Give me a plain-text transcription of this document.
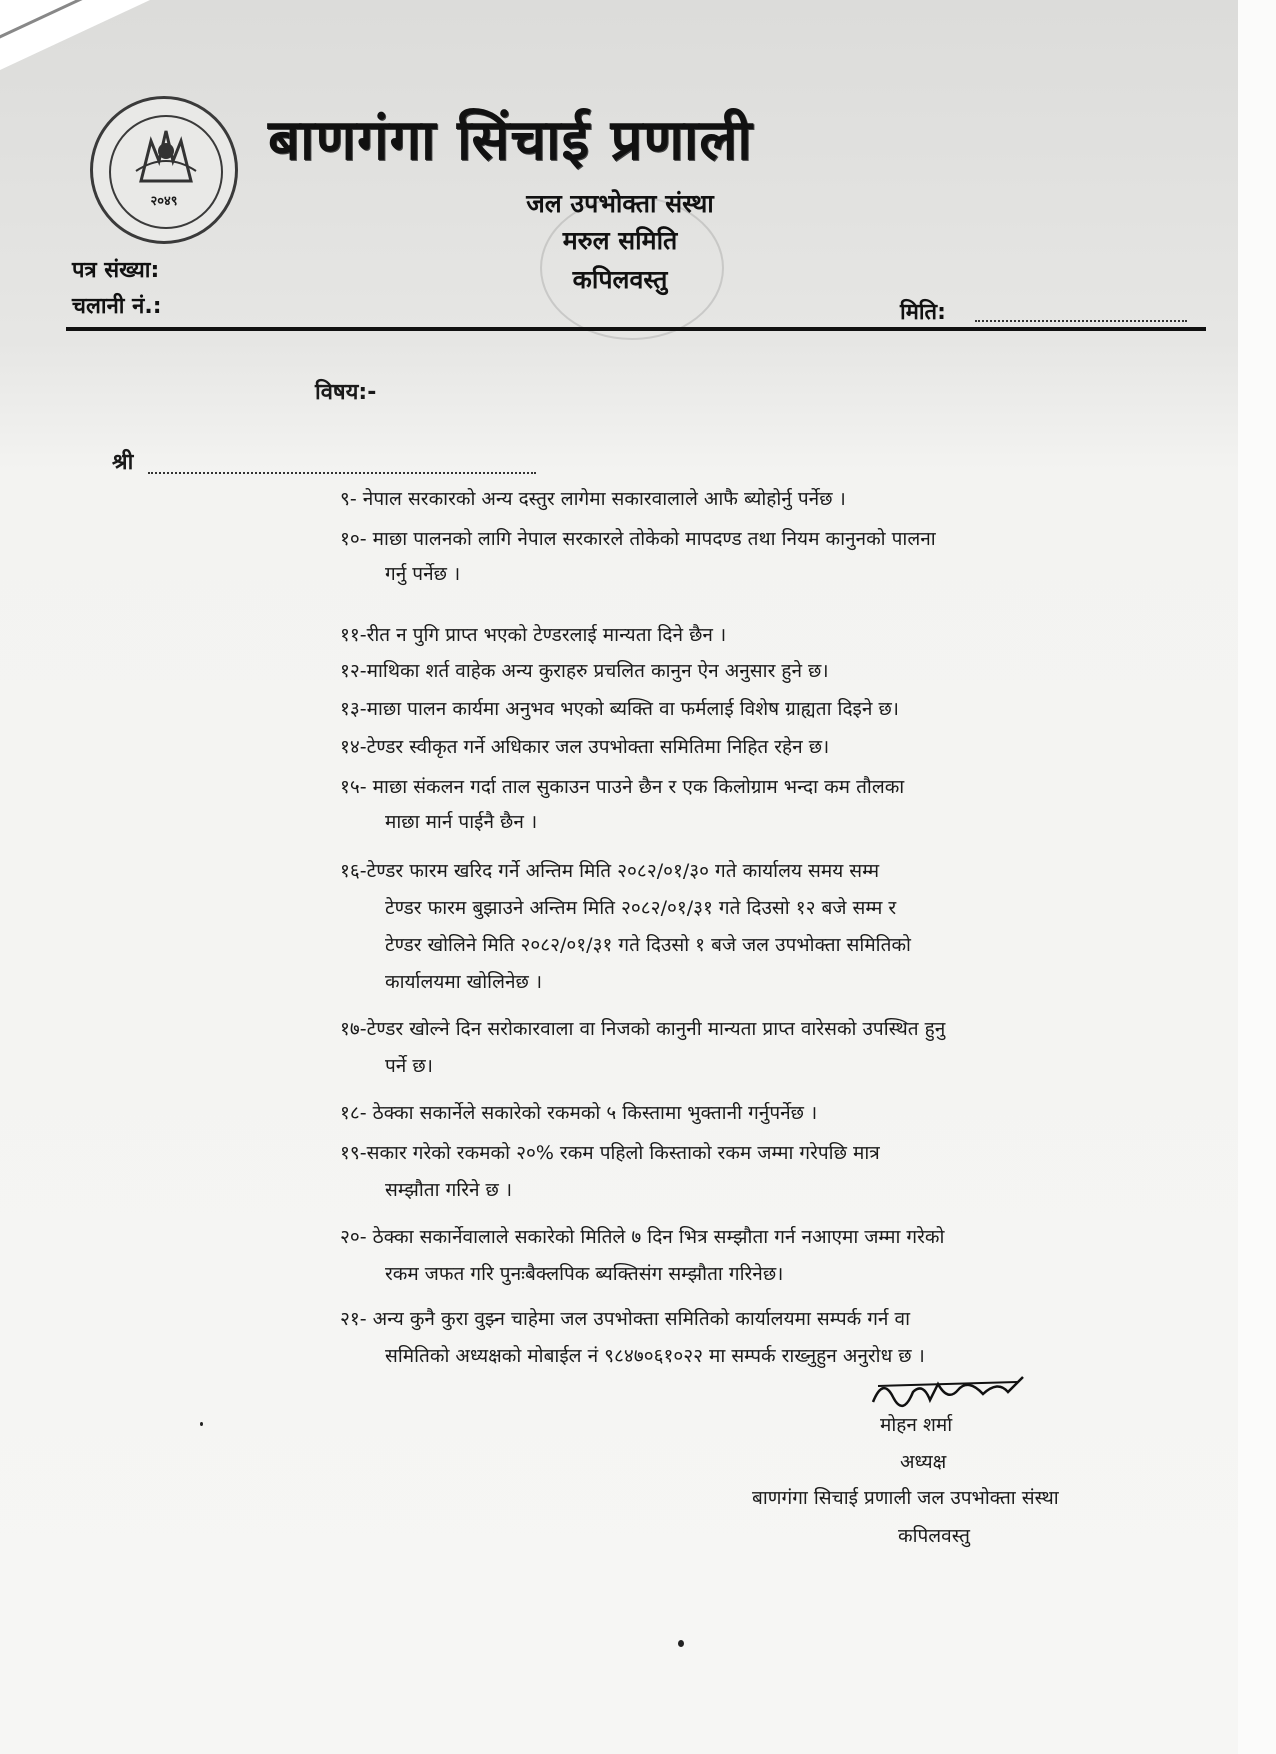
२०४९
बाणगंगा सिंचाई प्रणाली
जल उपभोक्ता संस्था
मरुल समिति
कपिलवस्तु
पत्र संख्या:
चलानी नं.:	मिति:
विषय:-
श्री

९- नेपाल सरकारको अन्य दस्तुर लागेमा सकारवालाले आफै ब्योहोर्नु पर्नेछ ।

१०- माछा पालनको लागि नेपाल सरकारले तोकेको मापदण्ड तथा नियम कानुनको पालना

गर्नु पर्नेछ ।

११-रीत न पुगि प्राप्त भएको टेण्डरलाई मान्यता दिने छैन ।

१२-माथिका शर्त वाहेक अन्य कुराहरु प्रचलित कानुन ऐन अनुसार हुने छ।

१३-माछा पालन कार्यमा अनुभव भएको ब्यक्ति वा फर्मलाई विशेष ग्राह्यता दिइने छ।

१४-टेण्डर स्वीकृत गर्ने अधिकार जल उपभोक्ता समितिमा निहित रहेन छ।

१५- माछा संकलन गर्दा ताल सुकाउन पाउने छैन र एक किलोग्राम भन्दा कम तौलका

माछा मार्न पाईनै छैन ।

१६-टेण्डर फारम खरिद गर्ने अन्तिम मिति २०८२/०१/३० गते कार्यालय समय सम्म

टेण्डर फारम बुझाउने अन्तिम मिति २०८२/०१/३१ गते दिउसो १२ बजे सम्म र

टेण्डर खोलिने मिति २०८२/०१/३१ गते दिउसो १ बजे जल उपभोक्ता समितिको

कार्यालयमा खोलिनेछ ।

१७-टेण्डर खोल्ने दिन सरोकारवाला वा निजको कानुनी मान्यता प्राप्त वारेसको उपस्थित हुनु

पर्ने छ।

१८- ठेक्का सकार्नेले सकारेको रकमको ५ किस्तामा भुक्तानी गर्नुपर्नेछ ।

१९-सकार गरेको रकमको २०% रकम पहिलो किस्ताको रकम जम्मा गरेपछि मात्र

सम्झौता गरिने छ ।

२०- ठेक्का सकार्नेवालाले सकारेको मितिले ७ दिन भित्र सम्झौता गर्न नआएमा जम्मा गरेको

रकम जफत गरि पुनःबैक्लपिक ब्यक्तिसंग सम्झौता गरिनेछ।

२१- अन्य कुनै कुरा वुझ्न चाहेमा जल उपभोक्ता समितिको कार्यालयमा सम्पर्क गर्न वा

समितिको अध्यक्षको मोबाईल नं ९८४७०६१०२२ मा सम्पर्क राख्नुहुन अनुरोध छ ।

मोहन शर्मा
अध्यक्ष
बाणगंगा सिचाई प्रणाली जल उपभोक्ता संस्था
कपिलवस्तु
